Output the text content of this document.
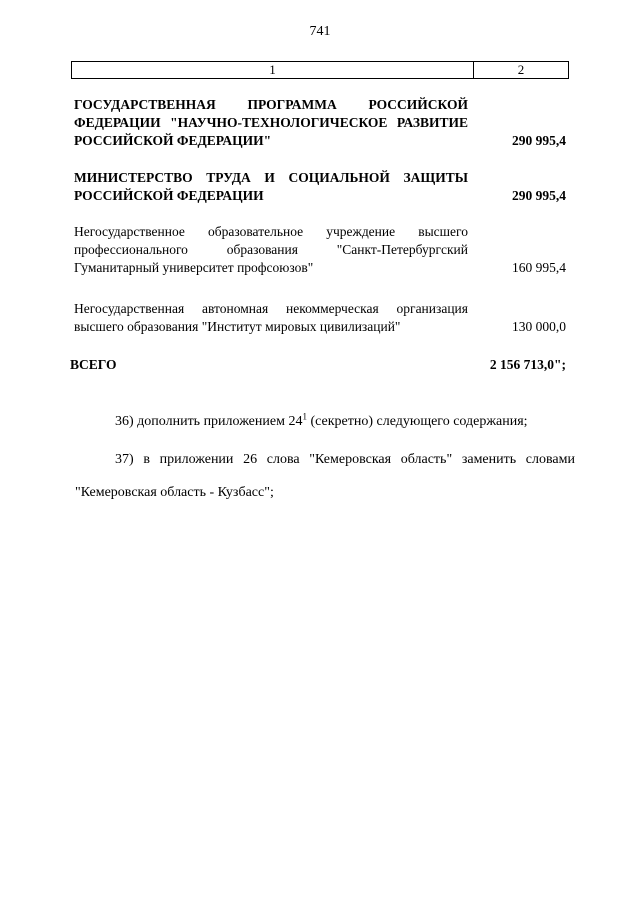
741
1	2
ГОСУДАРСТВЕННАЯ ПРОГРАММА РОССИЙСКОЙ ФЕДЕРАЦИИ "НАУЧНО-ТЕХНОЛОГИЧЕСКОЕ РАЗВИТИЕ РОССИЙСКОЙ ФЕДЕРАЦИИ"	290 995,4
МИНИСТЕРСТВО ТРУДА И СОЦИАЛЬНОЙ ЗАЩИТЫ РОССИЙСКОЙ ФЕДЕРАЦИИ	290 995,4
Негосударственное образовательное учреждение высшего профессионального образования "Санкт-Петербургский Гуманитарный университет профсоюзов"	160 995,4
Негосударственная автономная некоммерческая организация высшего образования "Институт мировых цивилизаций"	130 000,0
ВСЕГО	2 156 713,0";
36) дополнить приложением $24^1$ (секретно) следующего содержания;
37) в приложении 26 слова "Кемеровская область" заменить словами
"Кемеровская область - Кузбасс";
